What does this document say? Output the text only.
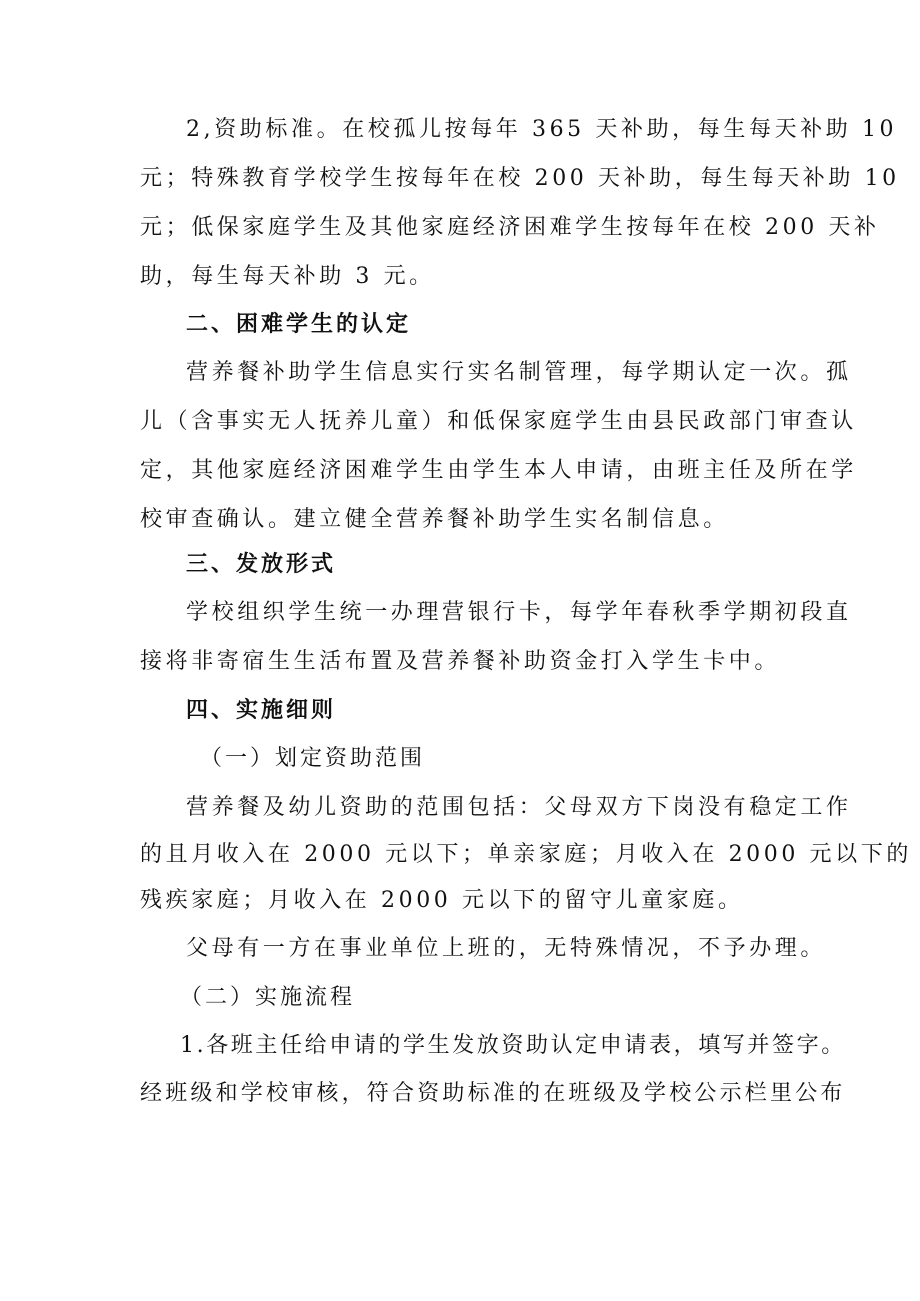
2,资助标准。在校孤儿按每年 365 天补助，每生每天补助 10
元；特殊教育学校学生按每年在校 200 天补助，每生每天补助 10
元；低保家庭学生及其他家庭经济困难学生按每年在校 200 天补
助，每生每天补助 3 元。
二、困难学生的认定
营养餐补助学生信息实行实名制管理，每学期认定一次。孤
儿（含事实无人抚养儿童）和低保家庭学生由县民政部门审查认
定，其他家庭经济困难学生由学生本人申请，由班主任及所在学
校审查确认。建立健全营养餐补助学生实名制信息。
三、发放形式
学校组织学生统一办理营银行卡，每学年春秋季学期初段直
接将非寄宿生生活布置及营养餐补助资金打入学生卡中。
四、实施细则
（一）划定资助范围
营养餐及幼儿资助的范围包括：父母双方下岗没有稳定工作
的且月收入在 2000 元以下；单亲家庭；月收入在 2000 元以下的
残疾家庭；月收入在 2000 元以下的留守儿童家庭。
父母有一方在事业单位上班的，无特殊情况，不予办理。
（二）实施流程
1.各班主任给申请的学生发放资助认定申请表，填写并签字。
经班级和学校审核，符合资助标准的在班级及学校公示栏里公布
